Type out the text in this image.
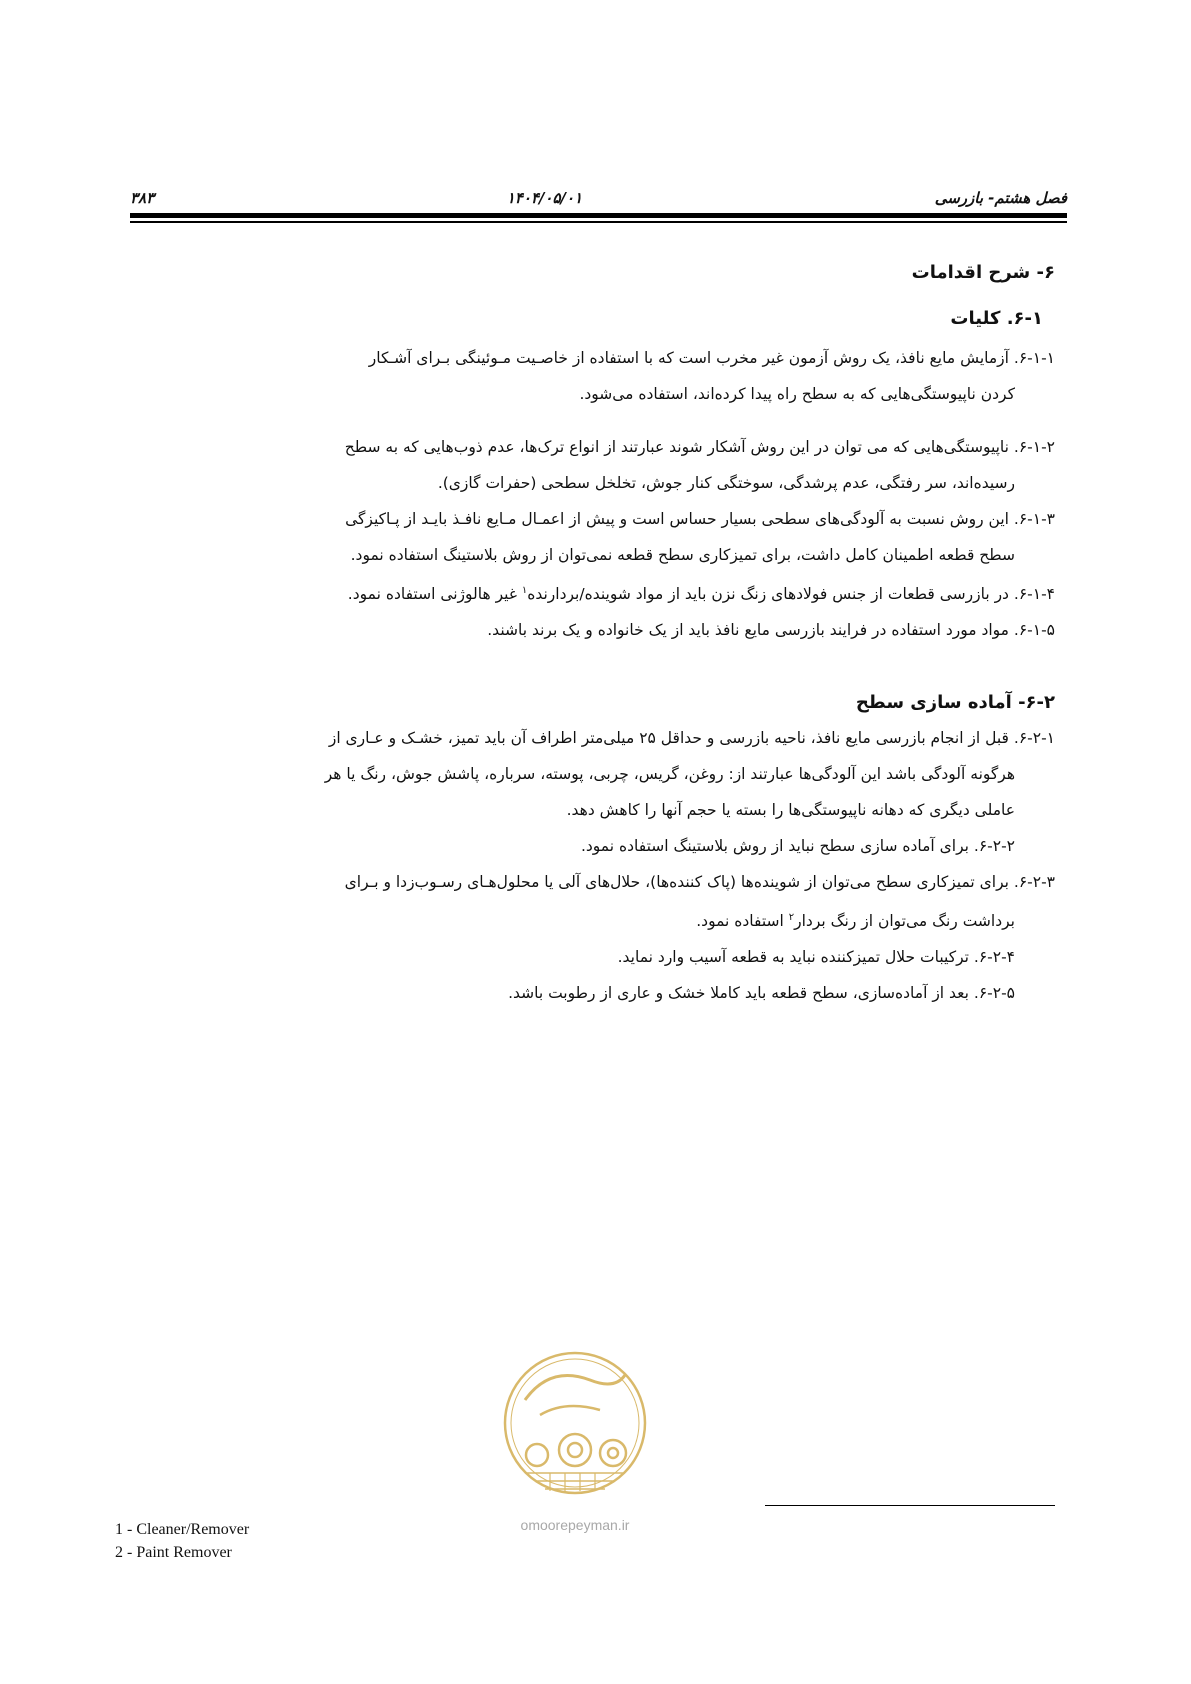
۳۸۳	۱۴۰۴/۰۵/۰۱	فصل هشتم- بازرسی

۶- شرح اقدامات

۶-۱. کلیات

۶-۱-۱. آزمایش مایع نافذ، یک روش آزمون غیر مخرب است که با استفاده از خاصـیت مـوئینگی بـرای آشـکار
کردن ناپیوستگی‌هایی که به سطح راه پیدا کرده‌اند، استفاده می‌شود.

۶-۱-۲. ناپیوستگی‌هایی که می توان در این روش آشکار شوند عبارتند از انواع ترک‌ها، عدم ذوب‌هایی که به سطح
رسیده‌اند، سر رفتگی، عدم پرشدگی، سوختگی کنار جوش، تخلخل سطحی (حفرات گازی).

۶-۱-۳. این روش نسبت به آلودگی‌های سطحی بسیار حساس است و پیش از اعمـال مـایع نافـذ بایـد از پـاکیزگی
سطح قطعه اطمینان کامل داشت، برای تمیزکاری سطح قطعه نمی‌توان از روش بلاستینگ استفاده نمود.

۶-۱-۴. در بازرسی قطعات از جنس فولادهای زنگ نزن باید از مواد شوینده/بردارنده$^۱$ غیر هالوژنی استفاده نمود.

۶-۱-۵. مواد مورد استفاده در فرایند بازرسی مایع نافذ باید از یک خانواده و یک برند باشند.

۶-۲- آماده سازی سطح

۶-۲-۱. قبل از انجام بازرسی مایع نافذ، ناحیه بازرسی و حداقل ۲۵ میلی‌متر اطراف آن باید تمیز، خشـک و عـاری از
هرگونه آلودگی باشد این آلودگی‌ها عبارتند از: روغن، گریس، چربی، پوسته، سرباره، پاشش جوش، رنگ یا هر
عاملی دیگری که دهانه ناپیوستگی‌ها را بسته یا حجم آنها را کاهش دهد.

۶-۲-۲. برای آماده سازی سطح نباید از روش بلاستینگ استفاده نمود.

۶-۲-۳. برای تمیزکاری سطح می‌توان از شوینده‌ها (پاک کننده‌ها)، حلال‌های آلی یا محلول‌هـای رسـوب‌زدا و بـرای
برداشت رنگ می‌توان از رنگ بردار$^۲$ استفاده نمود.

۶-۲-۴. ترکیبات حلال تمیزکننده نباید به قطعه آسیب وارد نماید.

۶-۲-۵. بعد از آماده‌سازی، سطح قطعه باید کاملا خشک و عاری از رطوبت باشد.

omoorepeyman.ir
1 - Cleaner/Remover
2 - Paint Remover
